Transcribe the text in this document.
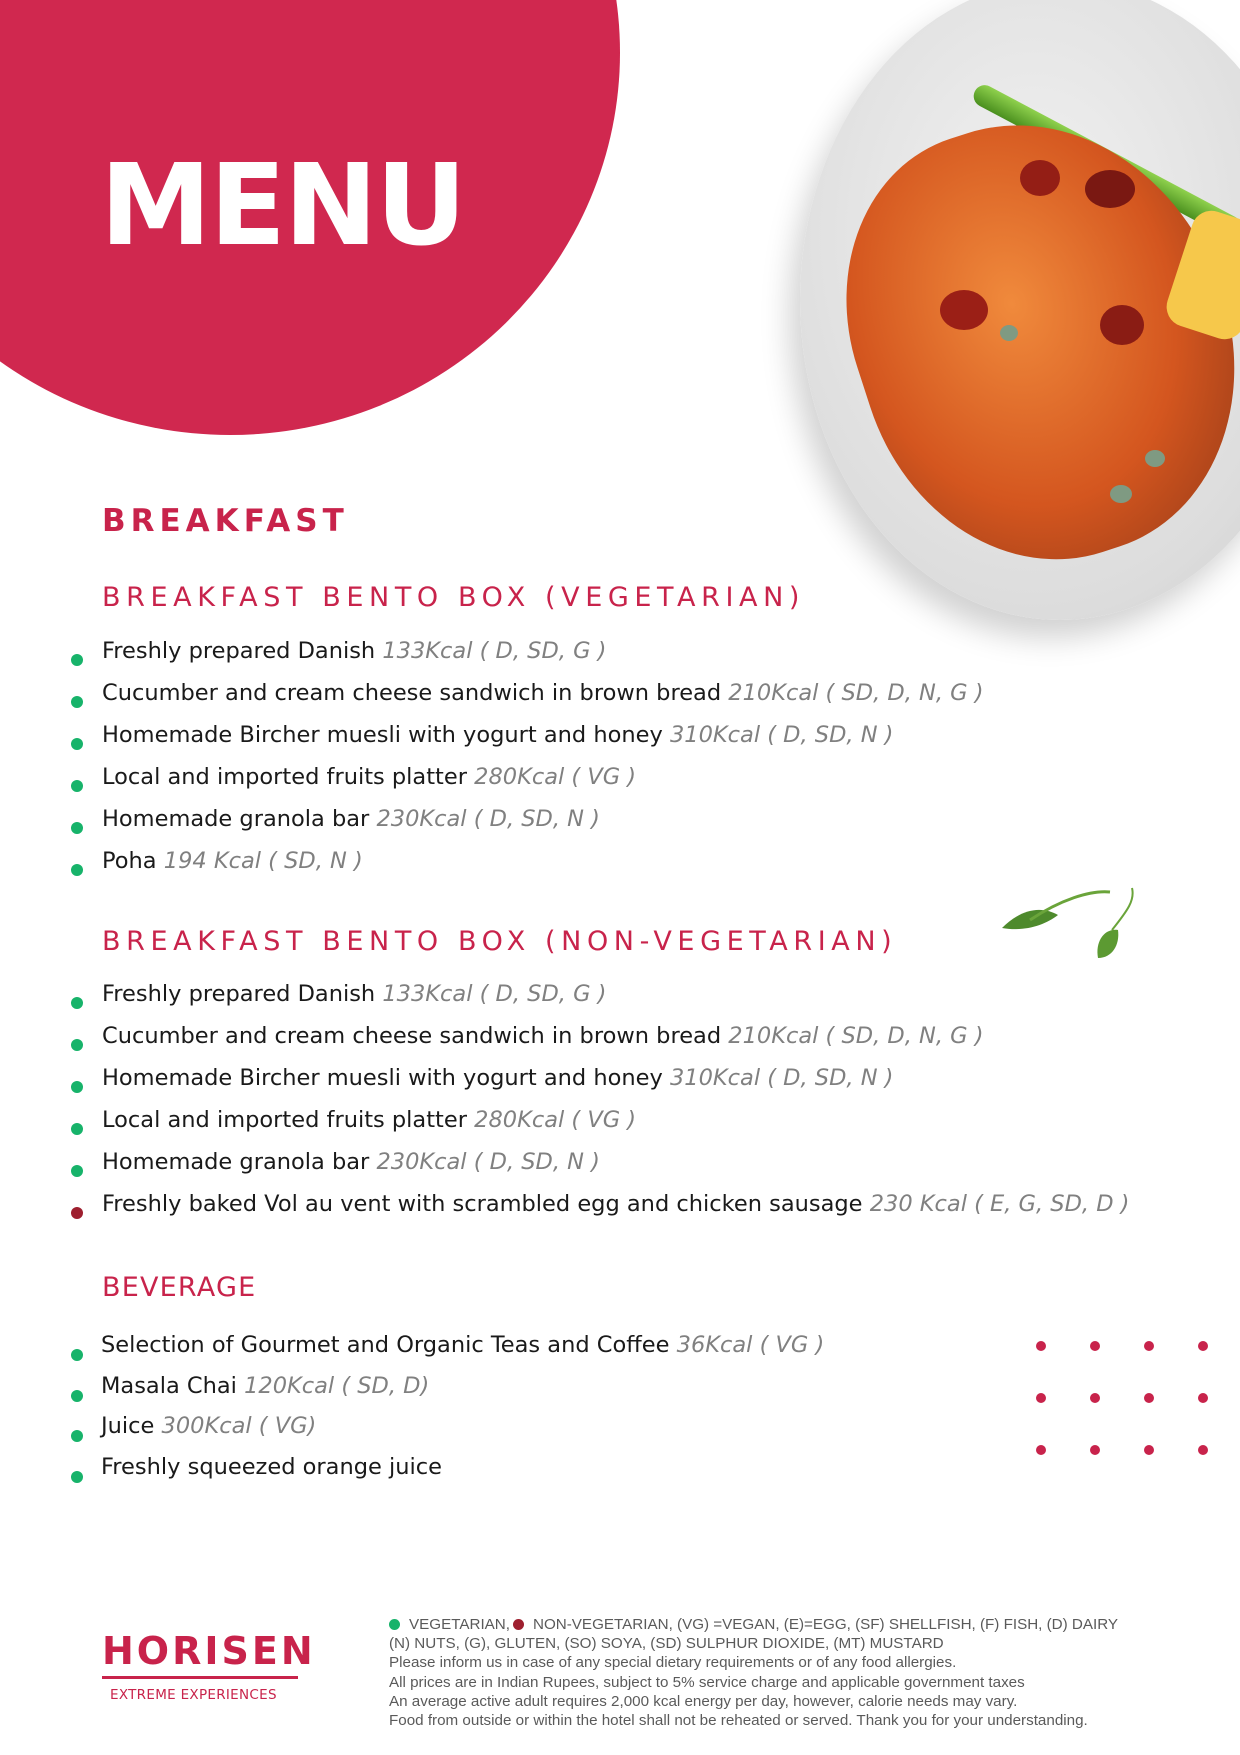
MENU
BREAKFAST
BREAKFAST BENTO BOX (VEGETARIAN)
Freshly prepared Danish 133Kcal ( D, SD, G )
Cucumber and cream cheese sandwich in brown bread 210Kcal ( SD, D, N, G )
Homemade Bircher muesli with yogurt and honey 310Kcal ( D, SD, N )
Local and imported fruits platter 280Kcal ( VG )
Homemade granola bar 230Kcal ( D, SD, N )
Poha 194 Kcal ( SD, N )
BREAKFAST BENTO BOX (NON-VEGETARIAN)
Freshly prepared Danish 133Kcal ( D, SD, G )
Cucumber and cream cheese sandwich in brown bread 210Kcal ( SD, D, N, G )
Homemade Bircher muesli with yogurt and honey 310Kcal ( D, SD, N )
Local and imported fruits platter 280Kcal ( VG )
Homemade granola bar 230Kcal ( D, SD, N )
Freshly baked Vol au vent with scrambled egg and chicken sausage 230 Kcal ( E, G, SD, D )
BEVERAGE
Selection of Gourmet and Organic Teas and Coffee 36Kcal ( VG )
Masala Chai 120Kcal ( SD, D)
Juice 300Kcal ( VG)
Freshly squeezed orange juice
HORISEN
EXTREME EXPERIENCES
VEGETARIAN, NON-VEGETARIAN, (VG) =VEGAN, (E)=EGG, (SF) SHELLFISH, (F) FISH, (D) DAIRY
(N) NUTS, (G), GLUTEN, (SO) SOYA, (SD) SULPHUR DIOXIDE, (MT) MUSTARD
Please inform us in case of any special dietary requirements or of any food allergies.
All prices are in Indian Rupees, subject to 5% service charge and applicable government taxes
An average active adult requires 2,000 kcal energy per day, however, calorie needs may vary.
Food from outside or within the hotel shall not be reheated or served. Thank you for your understanding.
